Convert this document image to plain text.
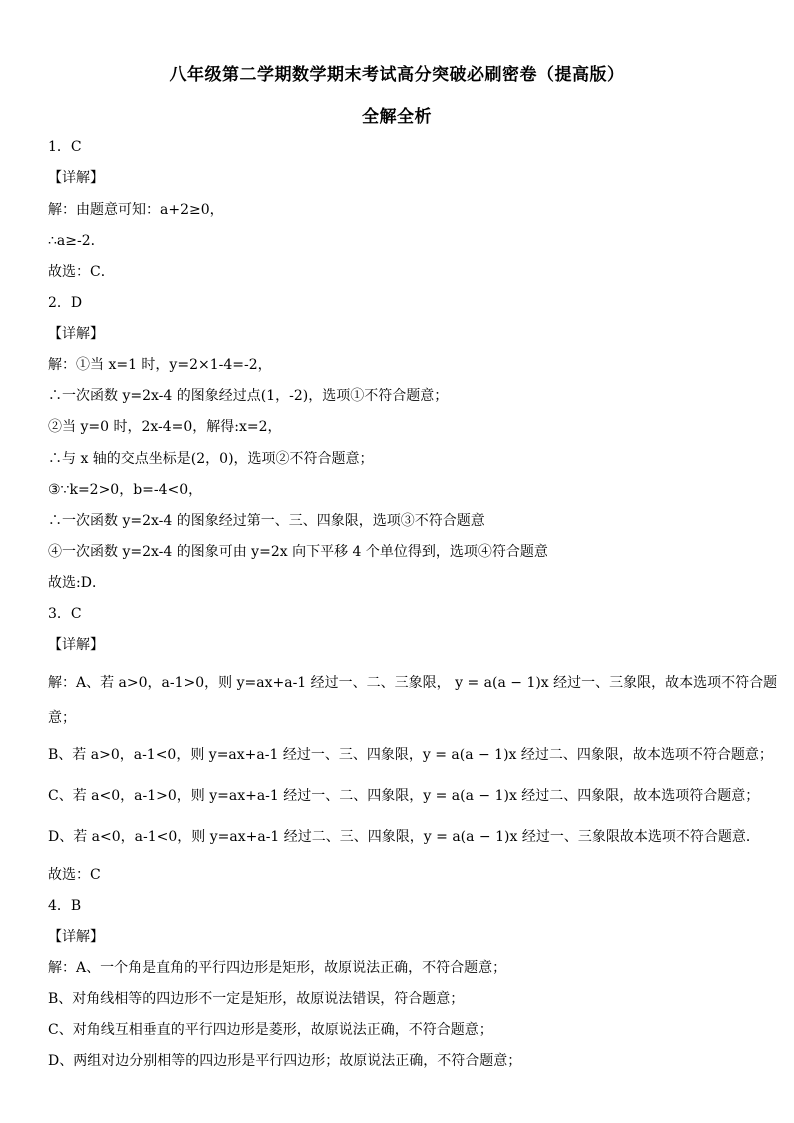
八年级第二学期数学期末考试高分突破必刷密卷（提高版）
全解全析
1．C
【详解】
解：由题意可知：a+2≥0，
∴a≥-2．
故选：C．
2．D
【详解】
解：①当 x=1 时，y=2×1-4=-2，
∴一次函数 y=2x-4 的图象经过点(1，-2)，选项①不符合题意；
②当 y=0 时，2x-4=0，解得:x=2，
∴与 x 轴的交点坐标是(2，0)，选项②不符合题意；
③∵k=2>0，b=-4<0，
∴一次函数 y=2x-4 的图象经过第一、三、四象限，选项③不符合题意
④一次函数 y=2x-4 的图象可由 y=2x 向下平移 4 个单位得到，选项④符合题意
故选:D．
3．C
【详解】
解：A、若 a>0，a-1>0，则 y=ax+a-1 经过一、二、三象限， y = a(a − 1)x 经过一、三象限，故本选项不符合题
意；
B、若 a>0，a-1<0，则 y=ax+a-1 经过一、三、四象限，y = a(a − 1)x 经过二、四象限，故本选项不符合题意；
C、若 a<0，a-1>0，则 y=ax+a-1 经过一、二、四象限，y = a(a − 1)x 经过二、四象限，故本选项符合题意；
D、若 a<0，a-1<0，则 y=ax+a-1 经过二、三、四象限，y = a(a − 1)x 经过一、三象限故本选项不符合题意．
故选：C
4．B
【详解】
解：A、一个角是直角的平行四边形是矩形，故原说法正确，不符合题意；
B、对角线相等的四边形不一定是矩形，故原说法错误，符合题意；
C、对角线互相垂直的平行四边形是菱形，故原说法正确，不符合题意；
D、两组对边分别相等的四边形是平行四边形；故原说法正确，不符合题意；
